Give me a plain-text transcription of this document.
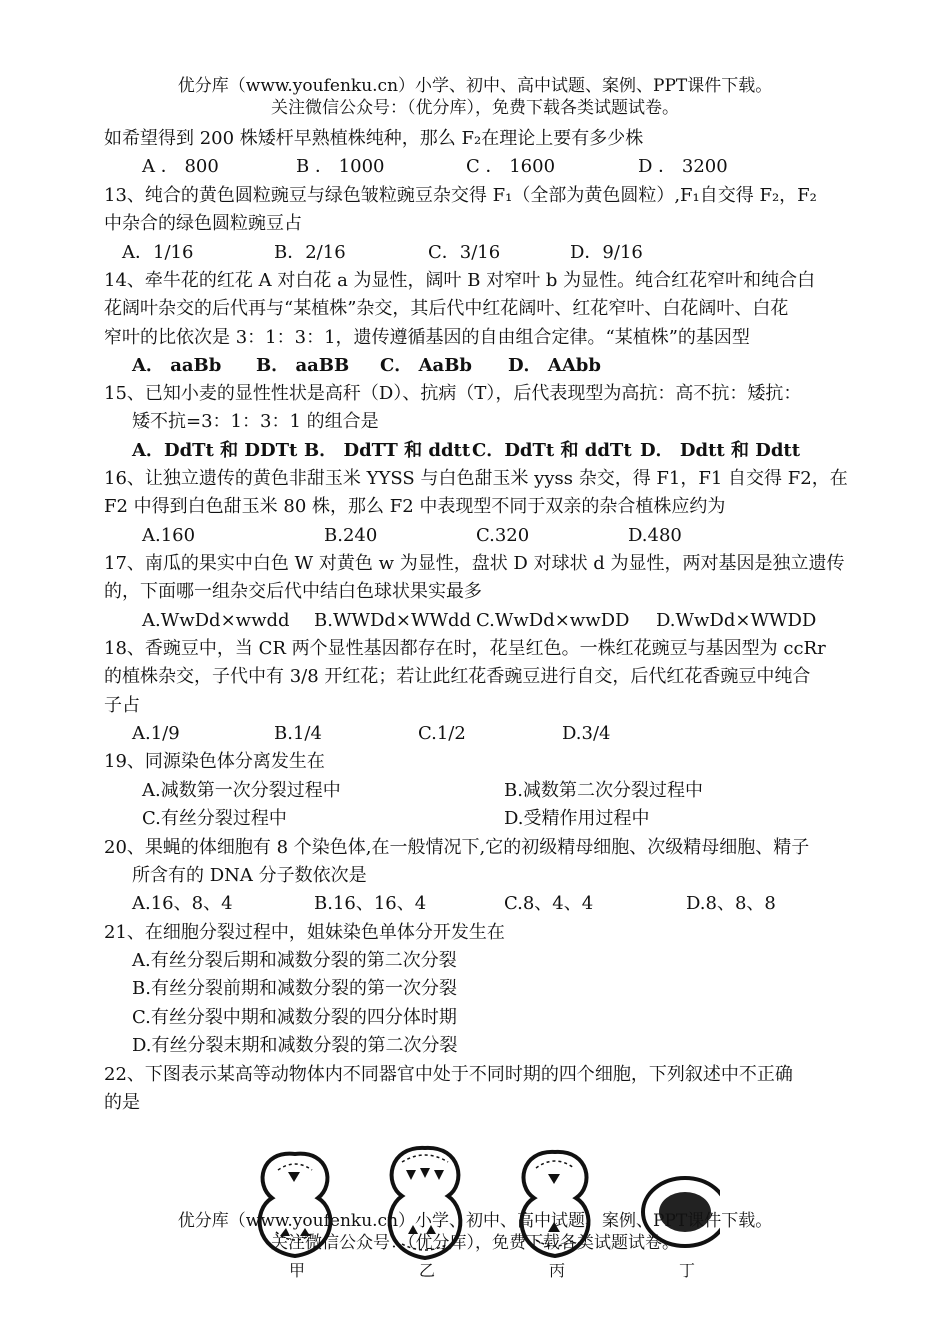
优分库（www.youfenku.cn）小学、初中、高中试题、案例、PPT课件下载。
关注微信公众号：（优分库），免费下载各类试题试卷。
如希望得到 200 株矮杆早熟植株纯种，那么 F₂在理论上要有多少株
A ． 800	B ． 1000	C ． 1600	D ． 3200
13、纯合的黄色圆粒豌豆与绿色皱粒豌豆杂交得 F₁（全部为黄色圆粒）,F₁自交得 F₂，F₂
中杂合的绿色圆粒豌豆占
A．1/16	B．2/16	C．3/16	D．9/16
14、牵牛花的红花 A 对白花 a 为显性，阔叶 B 对窄叶 b 为显性。纯合红花窄叶和纯合白
花阔叶杂交的后代再与“某植株”杂交，其后代中红花阔叶、红花窄叶、白花阔叶、白花
窄叶的比依次是 3：1：3：1，遗传遵循基因的自由组合定律。“某植株”的基因型
A． aaBb B． aaBB C． AaBb D． AAbb
15、已知小麦的显性性状是高秆（D）、抗病（T），后代表现型为高抗：高不抗：矮抗：
矮不抗=3：1：3：1 的组合是
A．DdTt 和 DDTt B． DdTT 和 ddtt C．DdTt 和 ddTt D． Ddtt 和 Ddtt
16、让独立遗传的黄色非甜玉米 YYSS 与白色甜玉米 yyss 杂交，得 F1，F1 自交得 F2，在
F2 中得到白色甜玉米 80 株，那么 F2 中表现型不同于双亲的杂合植株应约为
A.160	B.240	C.320	D.480
17、南瓜的果实中白色 W 对黄色 w 为显性，盘状 D 对球状 d 为显性，两对基因是独立遗传
的，下面哪一组杂交后代中结白色球状果实最多
A.WwDd×wwdd B.WWDd×WWdd C.WwDd×wwDD D.WwDd×WWDD
18、香豌豆中，当 CR 两个显性基因都存在时，花呈红色。一株红花豌豆与基因型为 ccRr
的植株杂交，子代中有 3/8 开红花；若让此红花香豌豆进行自交，后代红花香豌豆中纯合
子占
A.1/9	B.1/4	C.1/2	D.3/4
19、同源染色体分离发生在
A.减数第一次分裂过程中	B.减数第二次分裂过程中
C.有丝分裂过程中	D.受精作用过程中
20、果蝇的体细胞有 8 个染色体,在一般情况下,它的初级精母细胞、次级精母细胞、精子
所含有的 DNA 分子数依次是
A.16、8、4	B.16、16、4	C.8、4、4	D.8、8、8
21、在细胞分裂过程中，姐妹染色单体分开发生在
A.有丝分裂后期和减数分裂的第二次分裂
B.有丝分裂前期和减数分裂的第一次分裂
C.有丝分裂中期和减数分裂的四分体时期
D.有丝分裂末期和减数分裂的第二次分裂
22、下图表示某高等动物体内不同器官中处于不同时期的四个细胞，下列叙述中不正确
的是
甲	乙	丙	丁
优分库（www.youfenku.cn）小学、初中、高中试题、案例、PPT课件下载。
关注微信公众号：（优分库），免费下载各类试题试卷。
